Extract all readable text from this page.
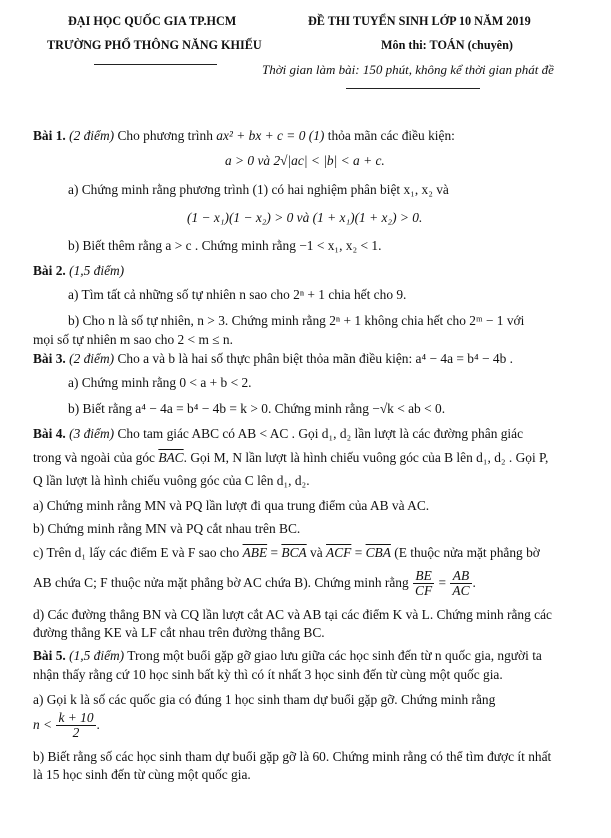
ĐẠI HỌC QUỐC GIA TP.HCM
TRƯỜNG PHỔ THÔNG NĂNG KHIẾU
ĐỀ THI TUYỂN SINH LỚP 10 NĂM 2019
Môn thi: TOÁN (chuyên)
Thời gian làm bài: 150 phút, không kể thời gian phát đề
Bài 1. (2 điểm) Cho phương trình ax² + bx + c = 0 (1) thỏa mãn các điều kiện:
a > 0 và 2√|ac| < |b| < a + c.
a) Chứng minh rằng phương trình (1) có hai nghiệm phân biệt x₁, x₂ và
(1 − x₁)(1 − x₂) > 0 và (1 + x₁)(1 + x₂) > 0.
b) Biết thêm rằng a > c . Chứng minh rằng −1 < x₁, x₂ < 1.
Bài 2. (1,5 điểm)
a) Tìm tất cả những số tự nhiên n sao cho 2ⁿ + 1 chia hết cho 9.
b) Cho n là số tự nhiên, n > 3. Chứng minh rằng 2ⁿ + 1 không chia hết cho 2ᵐ − 1 với
mọi số tự nhiên m sao cho 2 < m ≤ n.
Bài 3. (2 điểm) Cho a và b là hai số thực phân biệt thỏa mãn điều kiện: a⁴ − 4a = b⁴ − 4b .
a) Chứng minh rằng 0 < a + b < 2.
b) Biết rằng a⁴ − 4a = b⁴ − 4b = k > 0. Chứng minh rằng −√k < ab < 0.
Bài 4. (3 điểm) Cho tam giác ABC có AB < AC . Gọi d₁, d₂ lần lượt là các đường phân giác
trong và ngoài của góc $\overline{BAC}$. Gọi M, N lần lượt là hình chiếu vuông góc của B lên d₁, d₂ . Gọi P,
Q lần lượt là hình chiếu vuông góc của C lên d₁, d₂.
a) Chứng minh rằng MN và PQ lần lượt đi qua trung điểm của AB và AC.
b) Chứng minh rằng MN và PQ cắt nhau trên BC.
c) Trên d₁ lấy các điểm E và F sao cho $\overline{ABE} = \overline{BCA}$ và $\overline{ACF} = \overline{CBA}$ (E thuộc nửa mặt phẳng bờ
AB chứa C; F thuộc nửa mặt phẳng bờ AC chứa B). Chứng minh rằng $\frac{BE}{CF} = \frac{AB}{AC}$ .
d) Các đường thẳng BN và CQ lần lượt cắt AC và AB tại các điểm K và L. Chứng minh rằng các
đường thẳng KE và LF cắt nhau trên đường thẳng BC.
Bài 5. (1,5 điểm) Trong một buổi gặp gỡ giao lưu giữa các học sinh đến từ n quốc gia, người ta
nhận thấy rằng cứ 10 học sinh bất kỳ thì có ít nhất 3 học sinh đến từ cùng một quốc gia.
a) Gọi k là số các quốc gia có đúng 1 học sinh tham dự buổi gặp gỡ. Chứng minh rằng
$n < \frac{k + 10}{2}$ .
b) Biết rằng số các học sinh tham dự buổi gặp gỡ là 60. Chứng minh rằng có thể tìm được ít nhất
là 15 học sinh đến từ cùng một quốc gia.
